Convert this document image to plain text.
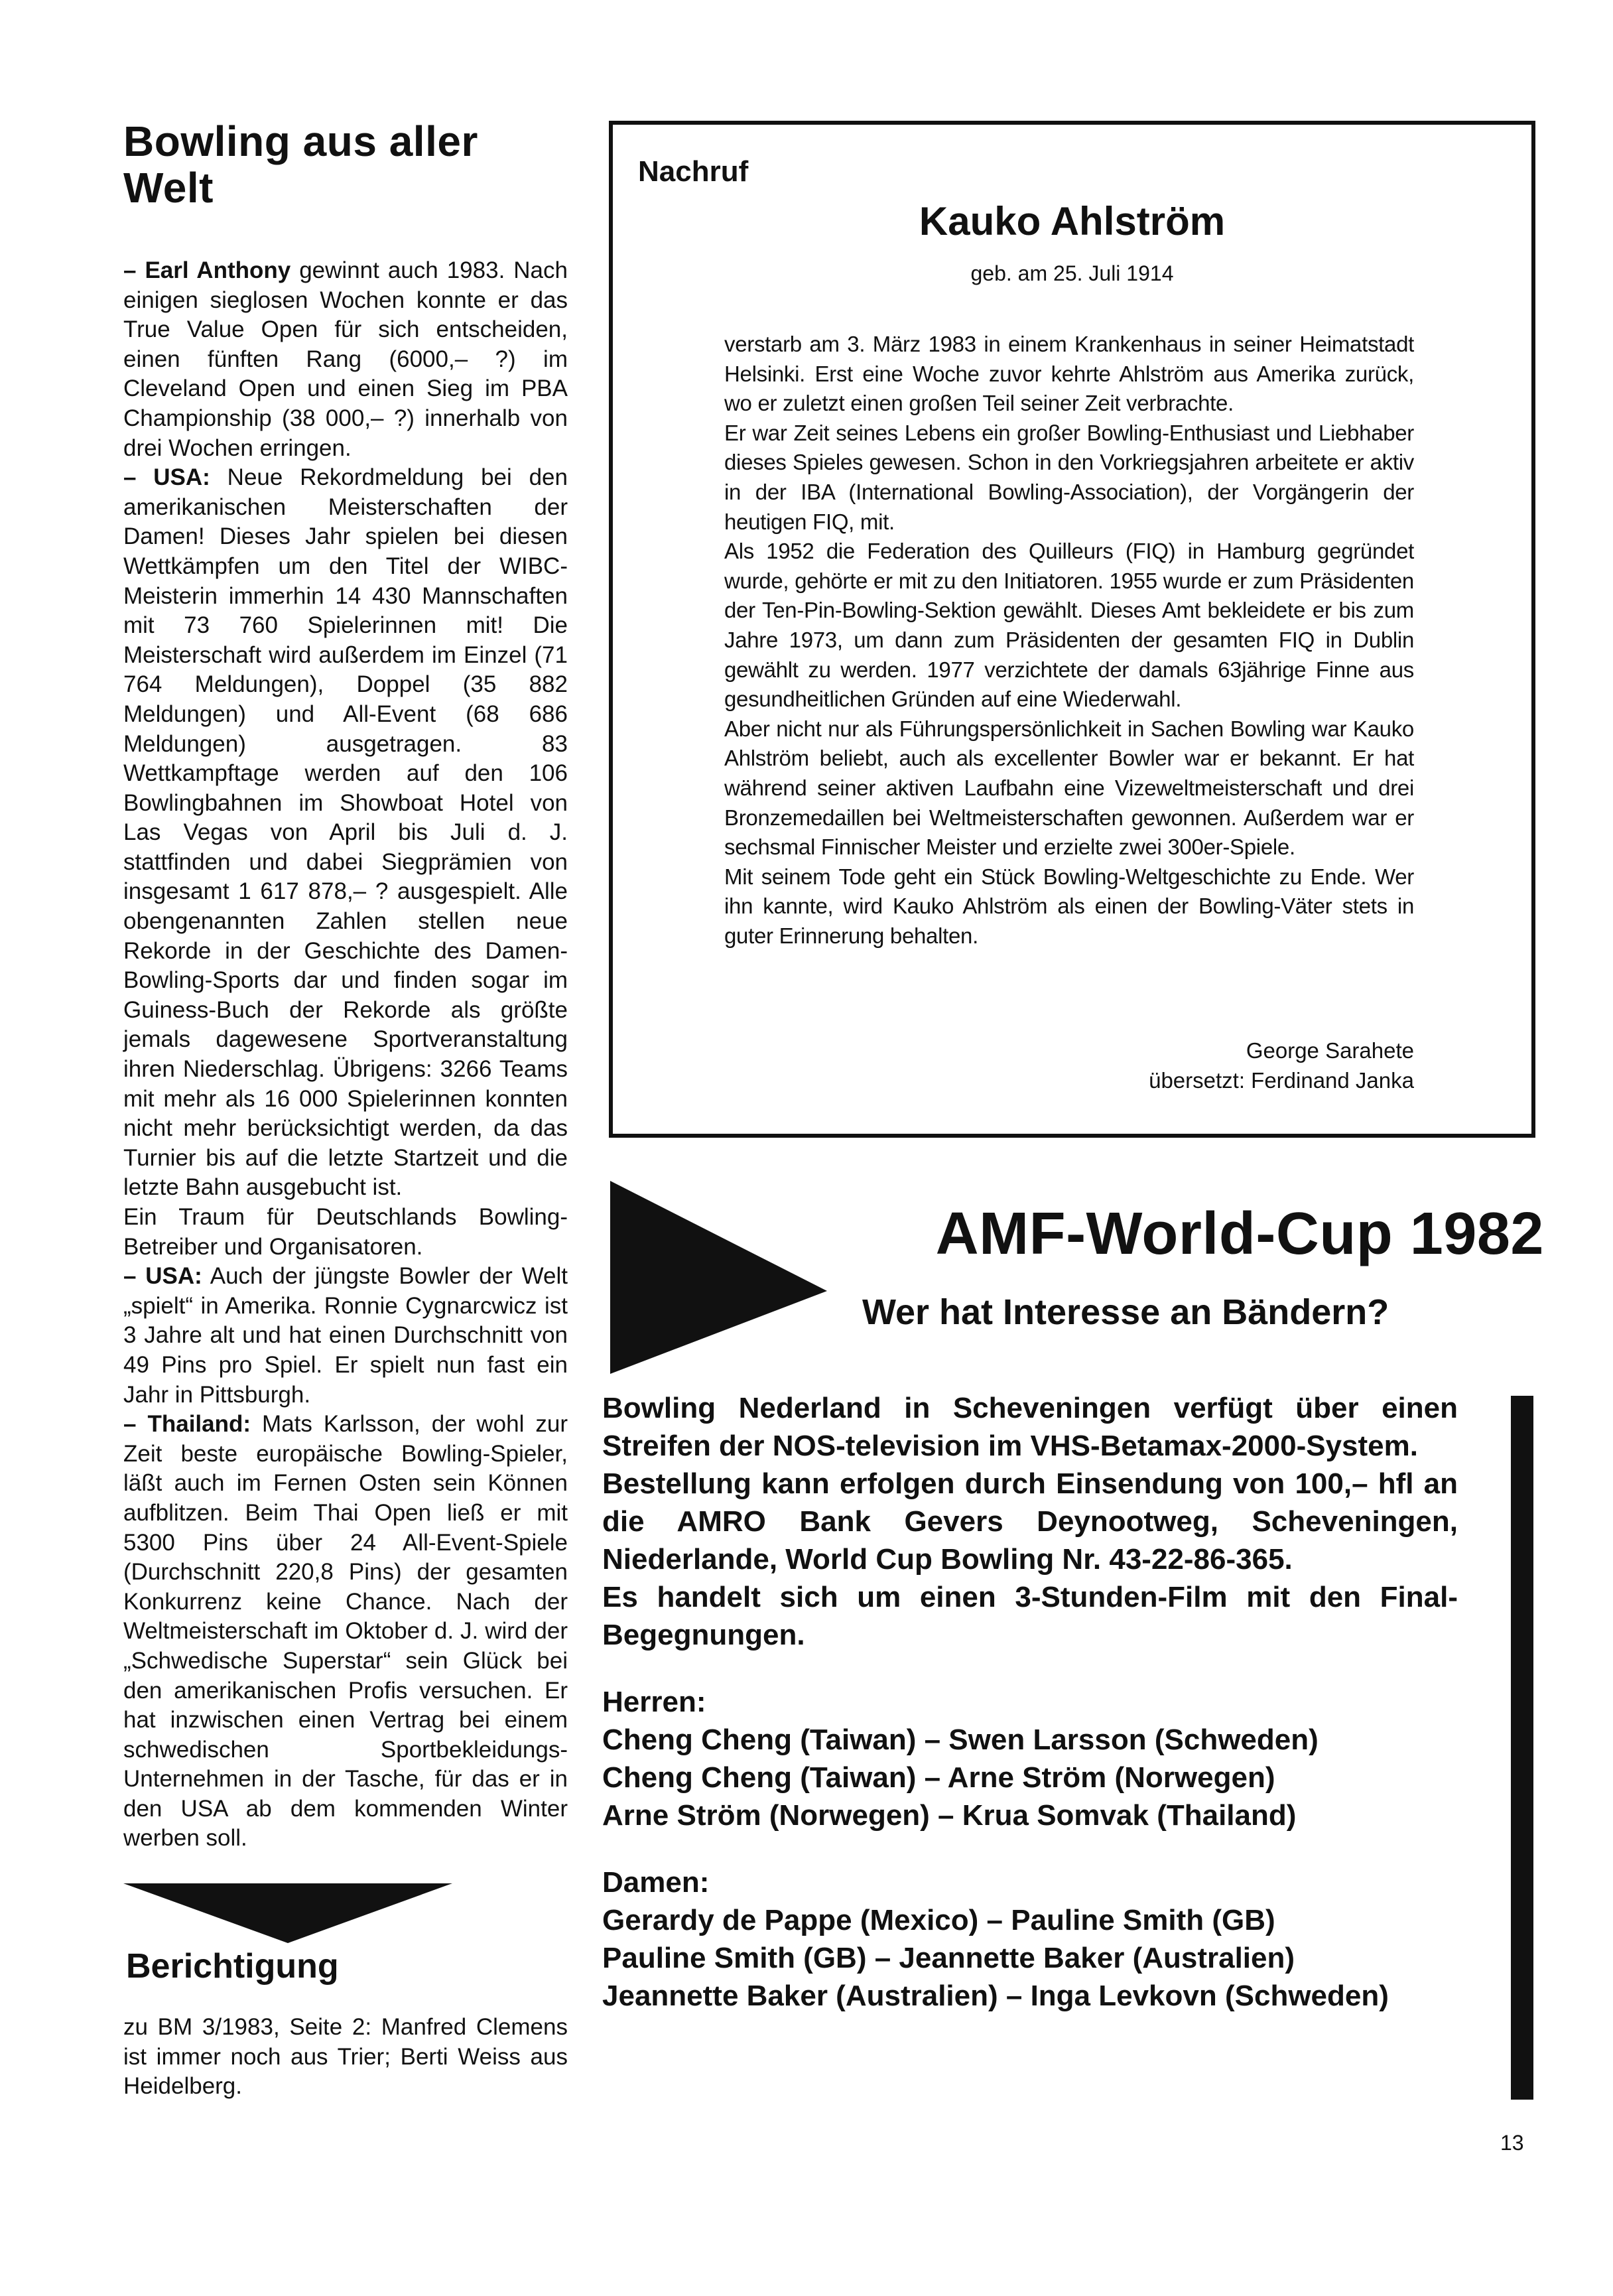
Bowling aus aller
Welt

– Earl Anthony gewinnt auch 1983. Nach einigen sieglosen Wochen konnte er das True Value Open für sich entscheiden, einen fünften Rang (6000,– ?) im Cleveland Open und einen Sieg im PBA Championship (38 000,– ?) innerhalb von drei Wochen erringen.

– USA: Neue Rekordmeldung bei den amerikanischen Meisterschaften der Damen! Dieses Jahr spielen bei diesen Wettkämpfen um den Titel der WIBC-Meisterin immerhin 14 430 Mannschaften mit 73 760 Spielerinnen mit! Die Meisterschaft wird außerdem im Einzel (71 764 Meldungen), Doppel (35 882 Meldungen) und All-Event (68 686 Meldungen) ausgetragen. 83 Wettkampftage werden auf den 106 Bowlingbahnen im Showboat Hotel von Las Vegas von April bis Juli d. J. stattfinden und dabei Siegprämien von insgesamt 1 617 878,– ? ausgespielt. Alle obengenannten Zahlen stellen neue Rekorde in der Geschichte des Damen-Bowling-Sports dar und finden sogar im Guiness-Buch der Rekorde als größte jemals dagewesene Sportveranstaltung ihren Niederschlag. Übrigens: 3266 Teams mit mehr als 16 000 Spielerinnen konnten nicht mehr berücksichtigt werden, da das Turnier bis auf die letzte Startzeit und die letzte Bahn ausgebucht ist.

Ein Traum für Deutschlands Bowling-Betreiber und Organisatoren.

– USA: Auch der jüngste Bowler der Welt „spielt“ in Amerika. Ronnie Cygnarcwicz ist 3 Jahre alt und hat einen Durchschnitt von 49 Pins pro Spiel. Er spielt nun fast ein Jahr in Pittsburgh.

– Thailand: Mats Karlsson, der wohl zur Zeit beste europäische Bowling-Spieler, läßt auch im Fernen Osten sein Können aufblitzen. Beim Thai Open ließ er mit 5300 Pins über 24 All-Event-Spiele (Durchschnitt 220,8 Pins) der gesamten Konkurrenz keine Chance. Nach der Weltmeisterschaft im Oktober d. J. wird der „Schwedische Superstar“ sein Glück bei den amerikanischen Profis versuchen. Er hat inzwischen einen Vertrag bei einem schwedischen Sportbekleidungs-Unternehmen in der Tasche, für das er in den USA ab dem kommenden Winter werben soll.

Berichtigung
zu BM 3/1983, Seite 2: Manfred Clemens ist immer noch aus Trier; Berti Weiss aus Heidelberg.
Nachruf
Kauko Ahlström
geb. am 25. Juli 1914

verstarb am 3. März 1983 in einem Krankenhaus in seiner Heimatstadt Helsinki. Erst eine Woche zuvor kehrte Ahlström aus Amerika zurück, wo er zuletzt einen großen Teil seiner Zeit verbrachte.

Er war Zeit seines Lebens ein großer Bowling-Enthusiast und Liebhaber dieses Spieles gewesen. Schon in den Vorkriegsjahren arbeitete er aktiv in der IBA (International Bowling-Association), der Vorgängerin der heutigen FIQ, mit.

Als 1952 die Federation des Quilleurs (FIQ) in Hamburg gegründet wurde, gehörte er mit zu den Initiatoren. 1955 wurde er zum Präsidenten der Ten-Pin-Bowling-Sektion gewählt. Dieses Amt bekleidete er bis zum Jahre 1973, um dann zum Präsidenten der gesamten FIQ in Dublin gewählt zu werden. 1977 verzichtete der damals 63jährige Finne aus gesundheitlichen Gründen auf eine Wiederwahl.

Aber nicht nur als Führungspersönlichkeit in Sachen Bowling war Kauko Ahlström beliebt, auch als excellenter Bowler war er bekannt. Er hat während seiner aktiven Laufbahn eine Vizeweltmeisterschaft und drei Bronzemedaillen bei Weltmeisterschaften gewonnen. Außerdem war er sechsmal Finnischer Meister und erzielte zwei 300er-Spiele.

Mit seinem Tode geht ein Stück Bowling-Weltgeschichte zu Ende. Wer ihn kannte, wird Kauko Ahlström als einen der Bowling-Väter stets in guter Erinnerung behalten.

George Sarahete
übersetzt: Ferdinand Janka
AMF-World-Cup 1982
Wer hat Interesse an Bändern?

Bowling Nederland in Scheveningen verfügt über einen Streifen der NOS-television im VHS-Betamax-2000-System.

Bestellung kann erfolgen durch Einsendung von 100,– hfl an die AMRO Bank Gevers Deynootweg, Scheveningen, Niederlande, World Cup Bowling Nr. 43-22-86-365.

Es handelt sich um einen 3-Stunden-Film mit den Final-Begegnungen.

Herren:

Cheng Cheng (Taiwan) – Swen Larsson (Schweden)

Cheng Cheng (Taiwan) – Arne Ström (Norwegen)

Arne Ström (Norwegen) – Krua Somvak (Thailand)

Damen:

Gerardy de Pappe (Mexico) – Pauline Smith (GB)

Pauline Smith (GB) – Jeannette Baker (Australien)

Jeannette Baker (Australien) – Inga Levkovn (Schweden)

13
